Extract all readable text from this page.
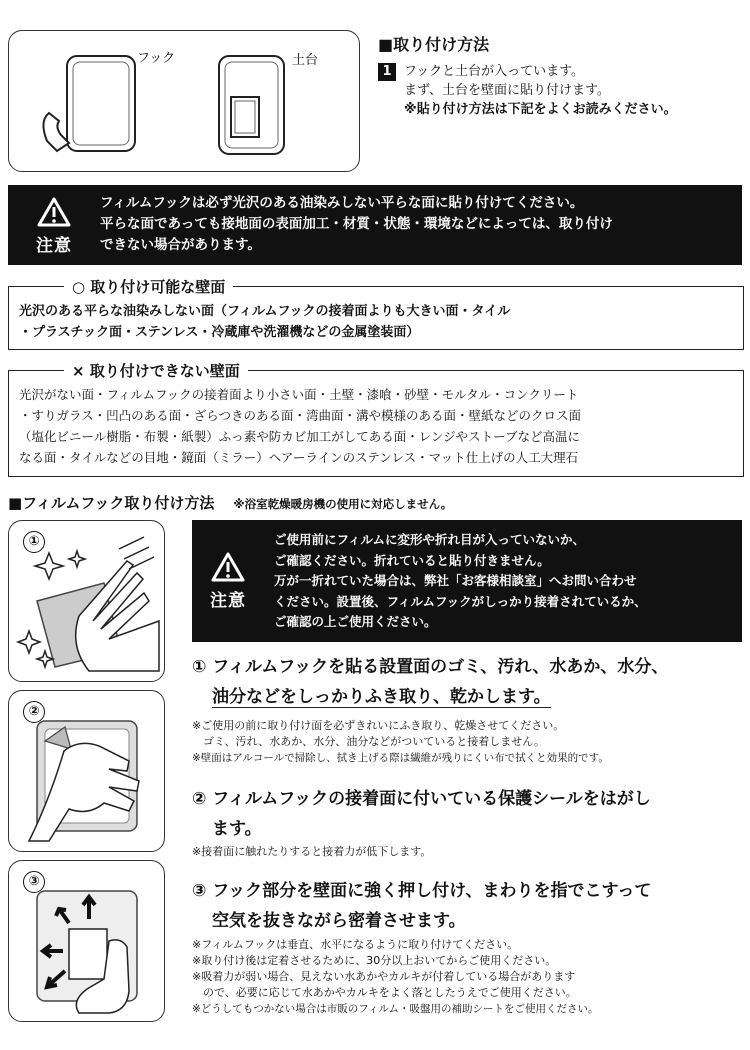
フック	土台
■取り付け方法
1 フックと土台が入っています。
まず、土台を壁面に貼り付けます。
※貼り付け方法は下記をよくお読みください。
注意
フィルムフックは必ず光沢のある油染みしない平らな面に貼り付けてください。
平らな面であっても接地面の表面加工・材質・状態・環境などによっては、取り付け
できない場合があります。
○ 取り付け可能な壁面
光沢のある平らな油染みしない面（フィルムフックの接着面よりも大きい面・タイル
・プラスチック面・ステンレス・冷蔵庫や洗濯機などの金属塗装面）
× 取り付けできない壁面
光沢がない面・フィルムフックの接着面より小さい面・土壁・漆喰・砂壁・モルタル・コンクリート
・すりガラス・凹凸のある面・ざらつきのある面・湾曲面・溝や模様のある面・壁紙などのクロス面
（塩化ビニール樹脂・布製・紙製）ふっ素や防カビ加工がしてある面・レンジやストーブなど高温に
なる面・タイルなどの目地・鏡面（ミラー）ヘアーラインのステンレス・マット仕上げの人工大理石
■フィルムフック取り付け方法 ※浴室乾燥暖房機の使用に対応しません。
①
②
③
注意
ご使用前にフィルムに変形や折れ目が入っていないか、
ご確認ください。折れていると貼り付きません。
万が一折れていた場合は、弊社「お客様相談室」へお問い合わせ
ください。設置後、フィルムフックがしっかり接着されているか、
ご確認の上ご使用ください。
① フィルムフックを貼る設置面のゴミ、汚れ、水あか、水分、
油分などをしっかりふき取り、乾かします。
※ご使用の前に取り付け面を必ずきれいにふき取り、乾燥させてください。
　ゴミ、汚れ、水あか、水分、油分などがついていると接着しません。
※壁面はアルコールで掃除し、拭き上げる際は繊維が残りにくい布で拭くと効果的です。
② フィルムフックの接着面に付いている保護シールをはがし
ます。
※接着面に触れたりすると接着力が低下します。
③ フック部分を壁面に強く押し付け、まわりを指でこすって
空気を抜きながら密着させます。
※フィルムフックは垂直、水平になるように取り付けてください。
※取り付け後は定着させるために、30分以上おいてからご使用ください。
※吸着力が弱い場合、見えない水あかやカルキが付着している場合があります
　ので、必要に応じて水あかやカルキをよく落としたうえでご使用ください。
※どうしてもつかない場合は市販のフィルム・吸盤用の補助シートをご使用ください。
